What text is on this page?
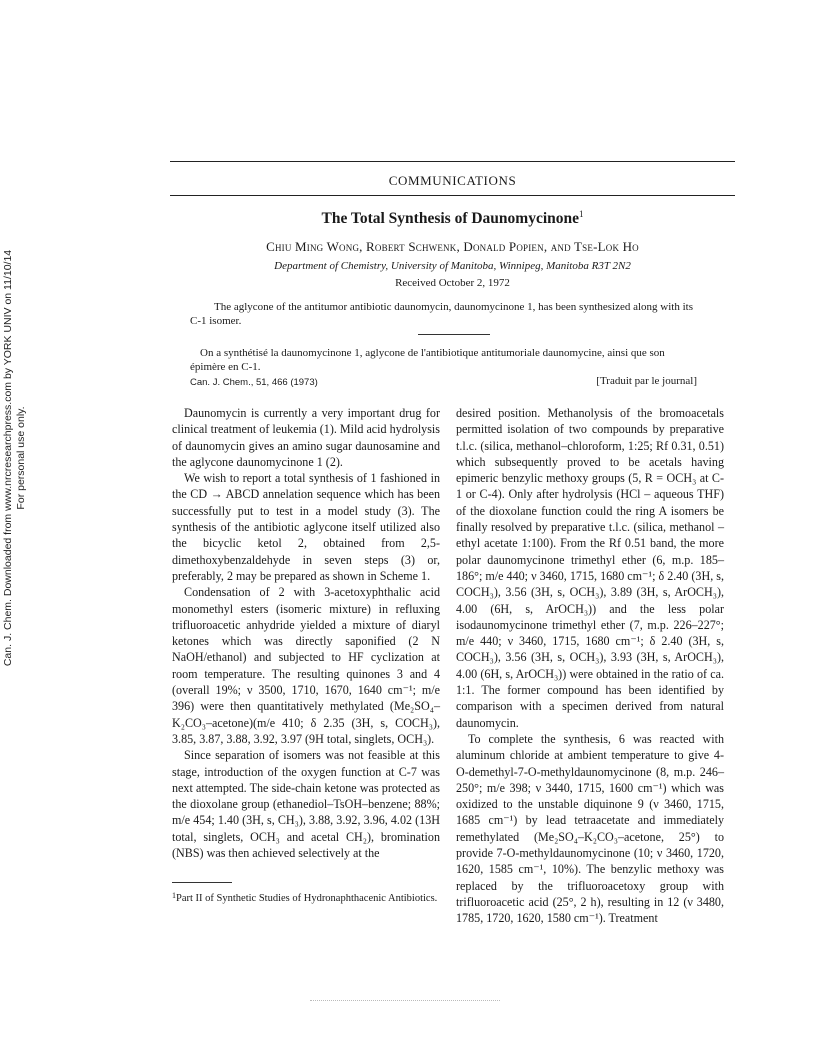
Can. J. Chem. Downloaded from www.nrcresearchpress.com by YORK UNIV on 11/10/14 For personal use only.
COMMUNICATIONS
The Total Synthesis of Daunomycinone$^1$
Chiu Ming Wong, Robert Schwenk, Donald Popien, and Tse-Lok Ho
Department of Chemistry, University of Manitoba, Winnipeg, Manitoba R3T 2N2
Received October 2, 1972

The aglycone of the antitumor antibiotic daunomycin, daunomycinone 1, has been synthesized along with its C-1 isomer.

On a synthétisé la daunomycinone 1, aglycone de l'antibiotique antitumoriale daunomycine, ainsi que son épimère en C-1.
[Traduit par le journal]
Can. J. Chem., 51, 466 (1973)

Daunomycin is currently a very important drug for clinical treatment of leukemia (1). Mild acid hydrolysis of daunomycin gives an amino sugar daunosamine and the aglycone daunomycinone 1 (2).

We wish to report a total synthesis of 1 fashioned in the CD → ABCD annelation sequence which has been successfully put to test in a model study (3). The synthesis of the antibiotic aglycone itself utilized also the bicyclic ketol 2, obtained from 2,5-dimethoxybenzaldehyde in seven steps (3) or, preferably, 2 may be prepared as shown in Scheme 1.

Condensation of 2 with 3-acetoxyphthalic acid monomethyl esters (isomeric mixture) in refluxing trifluoroacetic anhydride yielded a mixture of diaryl ketones which was directly saponified (2 N NaOH/ethanol) and subjected to HF cyclization at room temperature. The resulting quinones 3 and 4 (overall 19%; ν 3500, 1710, 1670, 1640 cm⁻¹; m/e 396) were then quantitatively methylated (Me₂SO₄–K₂CO₃–acetone)(m/e 410; δ 2.35 (3H, s, COCH₃), 3.85, 3.87, 3.88, 3.92, 3.97 (9H total, singlets, OCH₃).

Since separation of isomers was not feasible at this stage, introduction of the oxygen function at C-7 was next attempted. The side-chain ketone was protected as the dioxolane group (ethanediol–TsOH–benzene; 88%; m/e 454; 1.40 (3H, s, CH₃), 3.88, 3.92, 3.96, 4.02 (13H total, singlets, OCH₃ and acetal CH₂), bromination (NBS) was then achieved selectively at the

desired position. Methanolysis of the bromoacetals permitted isolation of two compounds by preparative t.l.c. (silica, methanol–chloroform, 1:25; Rf 0.31, 0.51) which subsequently proved to be acetals having epimeric benzylic methoxy groups (5, R = OCH₃ at C-1 or C-4). Only after hydrolysis (HCl – aqueous THF) of the dioxolane function could the ring A isomers be finally resolved by preparative t.l.c. (silica, methanol – ethyl acetate 1:100). From the Rf 0.51 band, the more polar daunomycinone trimethyl ether (6, m.p. 185–186°; m/e 440; ν 3460, 1715, 1680 cm⁻¹; δ 2.40 (3H, s, COCH₃), 3.56 (3H, s, OCH₃), 3.89 (3H, s, ArOCH₃), 4.00 (6H, s, ArOCH₃)) and the less polar isodaunomycinone trimethyl ether (7, m.p. 226–227°; m/e 440; ν 3460, 1715, 1680 cm⁻¹; δ 2.40 (3H, s, COCH₃), 3.56 (3H, s, OCH₃), 3.93 (3H, s, ArOCH₃), 4.00 (6H, s, ArOCH₃)) were obtained in the ratio of ca. 1:1. The former compound has been identified by comparison with a specimen derived from natural daunomycin.

To complete the synthesis, 6 was reacted with aluminum chloride at ambient temperature to give 4-O-demethyl-7-O-methyldaunomycinone (8, m.p. 246–250°; m/e 398; ν 3440, 1715, 1600 cm⁻¹) which was oxidized to the unstable diquinone 9 (ν 3460, 1715, 1685 cm⁻¹) by lead tetraacetate and immediately remethylated (Me₂SO₄–K₂CO₃–acetone, 25°) to provide 7-O-methyldaunomycinone (10; ν 3460, 1720, 1620, 1585 cm⁻¹, 10%). The benzylic methoxy was replaced by the trifluoroacetoxy group with trifluoroacetic acid (25°, 2 h), resulting in 12 (ν 3480, 1785, 1720, 1620, 1580 cm⁻¹). Treatment

$^1$Part II of Synthetic Studies of Hydronaphthacenic Antibiotics.
